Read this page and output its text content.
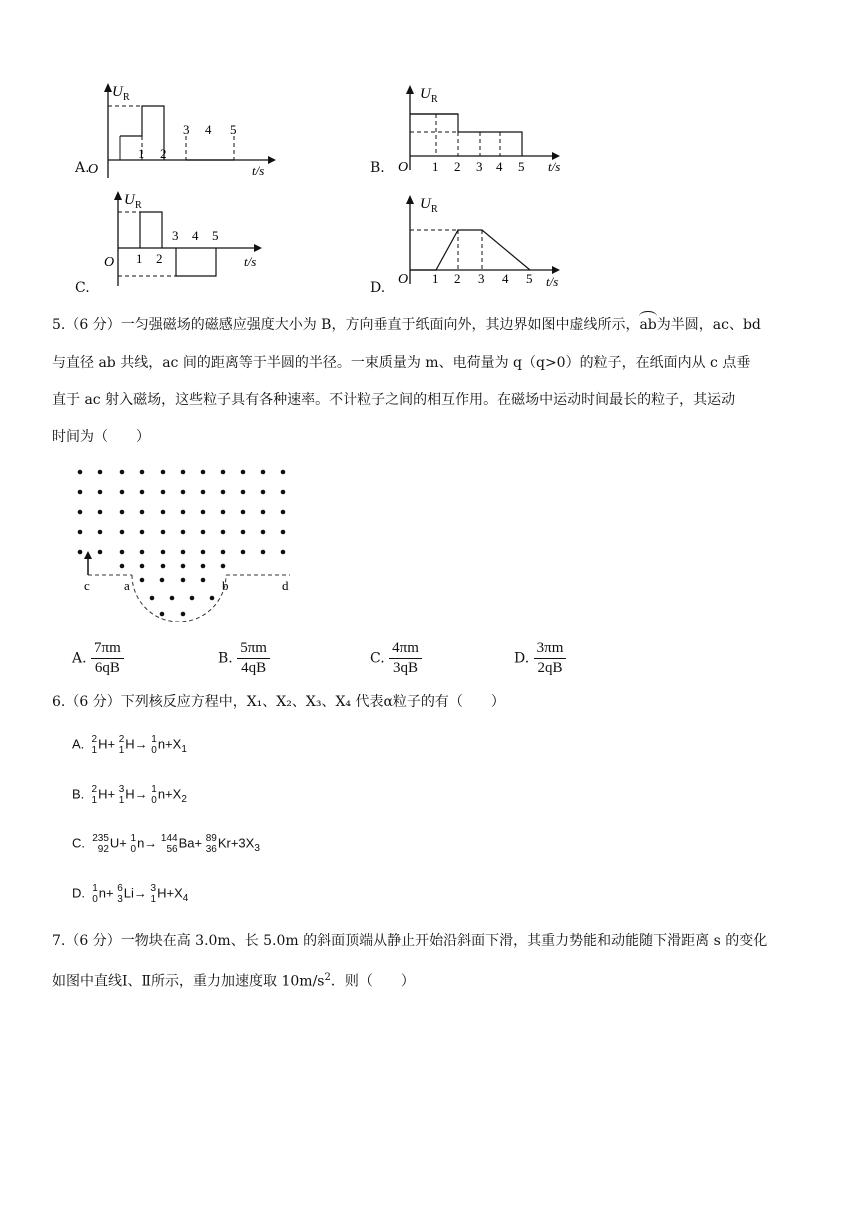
U R
O
1 2
3 4 5
t/s
A.
U R
O 1 2 3 4 5 t/s
B.
U R
O 1 2
3 4 5
t/s
C.
U R
O 1 2 3 4 5 t/s
D.
5.（6 分）一匀强磁场的磁感应强度大小为 B，方向垂直于纸面向外，其边界如图中虚线所示，ab为半圆，ac、bd
与直径 ab 共线，ac 间的距离等于半圆的半径。一束质量为 m、电荷量为 q（q>0）的粒子，在纸面内从 c 点垂
直于 ac 射入磁场，这些粒子具有各种速率。不计粒子之间的相互作用。在磁场中运动时间最长的粒子，其运动
时间为（　　）
c	a	b	d
A. $\frac{7\pi m}{6qB}$	B. $\frac{5\pi m}{4qB}$	C. $\frac{4\pi m}{3qB}$	D. $\frac{3\pi m}{2qB}$
6.（6 分）下列核反应方程中，X₁、X₂、X₃、X₄ 代表α粒子的有（　　）
A. 2
1 H+ 2
1 H→ 1
0 $n+X_1$
B. 2
1 H+ 3
1 H→ 1
0 $n+X_2$
C. 235
92 U+ 1
0 n→ 144
56 Ba+ 89
36 $Kr+3X_3$
D. 1
0 n+ 6
3 Li→ 3
1 $H+X_4$
7.（6 分）一物块在高 3.0m、长 5.0m 的斜面顶端从静止开始沿斜面下滑，其重力势能和动能随下滑距离 s 的变化
如图中直线Ⅰ、Ⅱ所示，重力加速度取 $10m/s^2$．则（　　）
